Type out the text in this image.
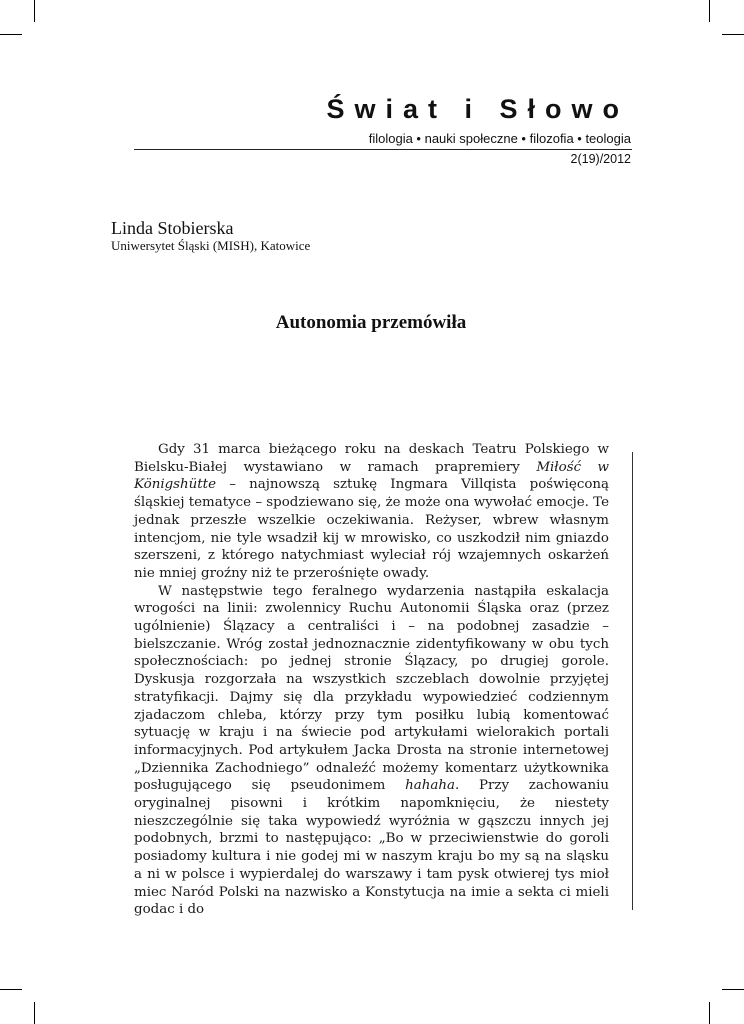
Świat i Słowo
filologia • nauki społeczne • filozofia • teologia
2(19)/2012
Linda Stobierska
Uniwersytet Śląski (MISH), Katowice
Autonomia przemówiła

Gdy 31 marca bieżącego roku na deskach Teatru Polskiego w Bielsku-Białej wystawiano w ramach prapremiery Miłość w Königshütte – najnowszą sztukę Ingmara Villqista poświęconą śląskiej tematyce – spodziewano się, że może ona wywołać emocje. Te jednak przeszłe wszelkie oczekiwania. Reżyser, wbrew własnym intencjom, nie tyle wsadził kij w mrowisko, co uszkodził nim gniazdo szerszeni, z którego natychmiast wyleciał rój wzajemnych oskarżeń nie mniej groźny niż te przerośnięte owady.

W następstwie tego feralnego wydarzenia nastąpiła eskalacja wrogości na linii: zwolennicy Ruchu Autonomii Śląska oraz (przez ugólnienie) Ślązacy a centraliści i – na podobnej zasadzie – bielszczanie. Wróg został jednoznacznie zidentyfikowany w obu tych społecznościach: po jednej stronie Ślązacy, po drugiej gorole. Dyskusja rozgorzała na wszystkich szczeblach dowolnie przyjętej stratyfikacji. Dajmy się dla przykładu wypowiedzieć codziennym zjadaczom chleba, którzy przy tym posiłku lubią komentować sytuację w kraju i na świecie pod artykułami wielorakich portali informacyjnych. Pod artykułem Jacka Drosta na stronie internetowej „Dziennika Zachodniego” odnaleźć możemy komentarz użytkownika posługującego się pseudonimem hahaha. Przy zachowaniu oryginalnej pisowni i krótkim napomknięciu, że niestety nieszczególnie się taka wypowiedź wyróżnia w gąszczu innych jej podobnych, brzmi to następująco: „Bo w przeciwienstwie do goroli posiadomy kultura i nie godej mi w naszym kraju bo my są na sląsku a ni w polsce i wypierdalej do warszawy i tam pysk otwierej tys mioł miec Naród Polski na nazwisko a Konstytucja na imie a sekta ci mieli godac i do
